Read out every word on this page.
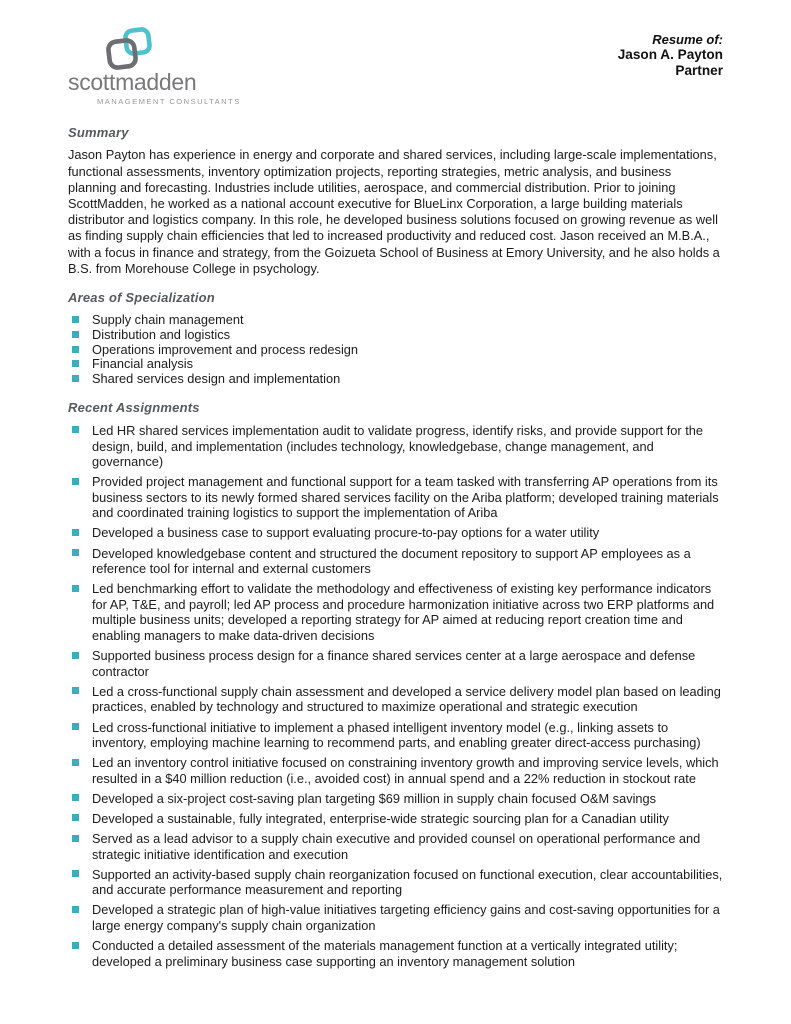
scottmadden
MANAGEMENT CONSULTANTS
Resume of:
Jason A. Payton
Partner
Summary

Jason Payton has experience in energy and corporate and shared services, including large-scale implementations, functional assessments, inventory optimization projects, reporting strategies, metric analysis, and business planning and forecasting. Industries include utilities, aerospace, and commercial distribution. Prior to joining ScottMadden, he worked as a national account executive for BlueLinx Corporation, a large building materials distributor and logistics company. In this role, he developed business solutions focused on growing revenue as well as finding supply chain efficiencies that led to increased productivity and reduced cost. Jason received an M.B.A., with a focus in finance and strategy, from the Goizueta School of Business at Emory University, and he also holds a B.S. from Morehouse College in psychology.

Areas of Specialization
Supply chain management
Distribution and logistics
Operations improvement and process redesign
Financial analysis
Shared services design and implementation
Recent Assignments
Led HR shared services implementation audit to validate progress, identify risks, and provide support for the design, build, and implementation (includes technology, knowledgebase, change management, and governance)
Provided project management and functional support for a team tasked with transferring AP operations from its business sectors to its newly formed shared services facility on the Ariba platform; developed training materials and coordinated training logistics to support the implementation of Ariba
Developed a business case to support evaluating procure-to-pay options for a water utility
Developed knowledgebase content and structured the document repository to support AP employees as a reference tool for internal and external customers
Led benchmarking effort to validate the methodology and effectiveness of existing key performance indicators for AP, T&E, and payroll; led AP process and procedure harmonization initiative across two ERP platforms and multiple business units; developed a reporting strategy for AP aimed at reducing report creation time and enabling managers to make data-driven decisions
Supported business process design for a finance shared services center at a large aerospace and defense contractor
Led a cross-functional supply chain assessment and developed a service delivery model plan based on leading practices, enabled by technology and structured to maximize operational and strategic execution
Led cross-functional initiative to implement a phased intelligent inventory model (e.g., linking assets to inventory, employing machine learning to recommend parts, and enabling greater direct-access purchasing)
Led an inventory control initiative focused on constraining inventory growth and improving service levels, which resulted in a $40 million reduction (i.e., avoided cost) in annual spend and a 22% reduction in stockout rate
Developed a six-project cost-saving plan targeting $69 million in supply chain focused O&M savings
Developed a sustainable, fully integrated, enterprise-wide strategic sourcing plan for a Canadian utility
Served as a lead advisor to a supply chain executive and provided counsel on operational performance and strategic initiative identification and execution
Supported an activity-based supply chain reorganization focused on functional execution, clear accountabilities, and accurate performance measurement and reporting
Developed a strategic plan of high-value initiatives targeting efficiency gains and cost-saving opportunities for a large energy company's supply chain organization
Conducted a detailed assessment of the materials management function at a vertically integrated utility; developed a preliminary business case supporting an inventory management solution
